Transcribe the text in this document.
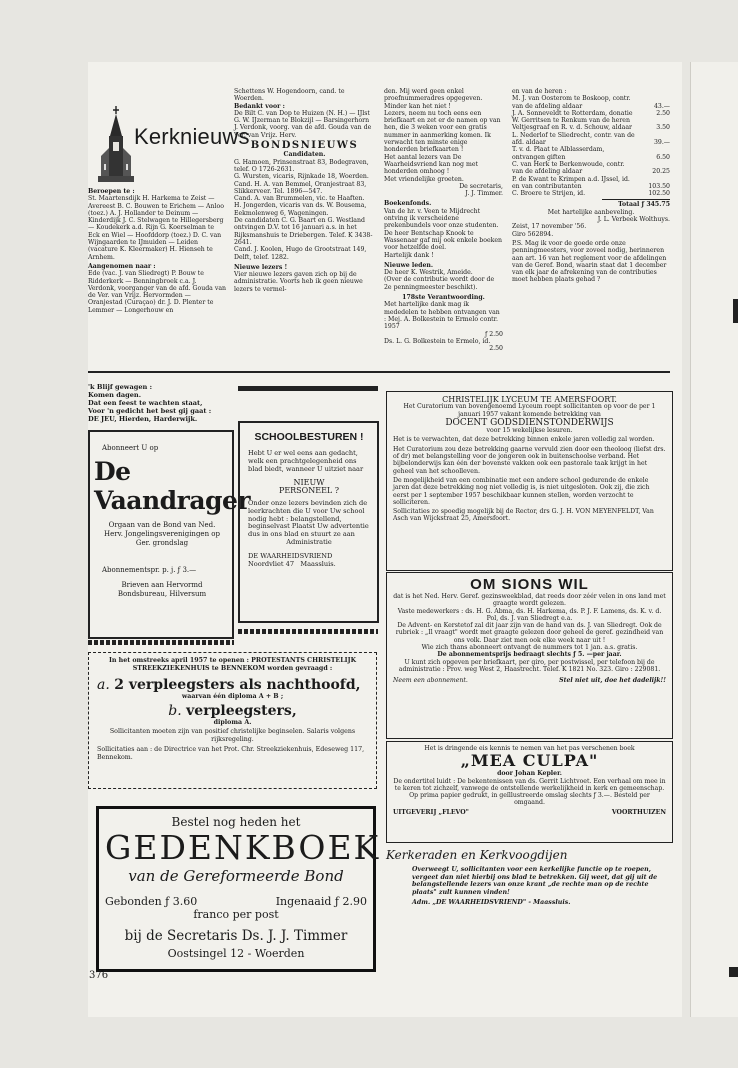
Kerknieuws

Beroepen te :

St. Maartensdijk H. Harkema te Zeist — Avereest B. C. Bouwen te Erichem — Anloo (toez.) A. J. Hollander te Deinum — Kinderdijk J. C. Stelwagen te Hillegersberg — Koudekerk a.d. Rijn G. Koerselman te Eck en Wiel — Hoofddorp (toez.) D. C. van Wijngaarden te IJmuiden — Leiden (vacature K. Kleermaker) H. Hienseh te Arnhem.

Aangenomen naar :

Ede (vac. J. van Sliedregt) P. Bouw te Ridderkerk — Benningbroek c.a. J. Verdonk, voorganger van de afd. Gouda van de Ver. van Vrijz. Hervormden — Oranjestad (Curaçao) dr. J. D. Plenter te Lemmer — Longerhouw en

Schettens W. Hogendoorn, cand. te Woerden.

Bedankt voor :

De Bilt C. van Dop te Huizen (N. H.) — IJlst G. W. IJzerman te Blokzijl — Barsingerhorn J. Verdonk, voorg. van de afd. Gouda van de Ver. van Vrijz. Herv.

BONDSNIEUWS

Candidaten.

G. Hamoen, Prinsenstraat 83, Bodegraven, telef. O 1726-2631.
G. Wursten, vicaris, Rijnkade 18, Woerden.
Cand. H. A. van Bemmel, Oranjestraat 83, Slikkerveer. Tel. 1896—547.
Cand. A. van Brummelen, vic. te Haaften.
H. Jongerden, vicaris van ds. W. Bousema, Eekmolenweg 6, Wageningen.
De candidaten C. G. Baart en G. Westland ontvingen D.V. tot 16 januari a.s. in het Rijksmanshuis te Driebergen. Telef. K 3438-2641.
Cand. J. Koolen, Hugo de Grootstraat 149, Delft, telef. 1282.

Nieuwe lezers !

Vier nieuwe lezers gaven zich op bij de administratie. Voorts heb ik geen nieuwe lezers te vermel-

den. Mij werd geen enkel proefnummeradres opgegeven. Minder kan het niet !
Lezers, neem nu toch eens een briefkaart en zet er de namen op van hen, die 3 weken voor een gratis nummer in aanmerking komen. Ik verwacht ten minste enige honderden briefkaarten !
Het aantal lezers van De Waarheidsvriend kan nog met honderden omhoog !
Met vriendelijke groeten.

De secretaris,

J. J. Timmer.

Boekenfonds.

Van de hr. v. Veen te Mijdrecht ontving ik verscheidene prekenbundels voor onze studenten.
De heer Bentschap Knook te Wassenaar gaf mij ook enkele boeken voor hetzelfde doel.
Hartelijk dank !

Nieuwe leden.

De heer K. Westrik, Ameide.
(Over de contributie wordt door de 2e penningmeester beschikt).

178ste Verantwoording.

Met hartelijke dank mag ik mededelen te hebben ontvangen van : Mej. A. Bolkestein te Ermelo contr. 1957

ƒ 2.50

Ds. L. G. Bolkestein te Ermelo, id.

2.50

en van de heren :
M. J. van Oosterom te Boskoop, contr. van de afdeling aldaar	43.—
J. A. Sonneveldt te Rotterdam, donatie	2.50
W. Gerritsen te Renkum van de heren Veltjesgraaf en R. v. d. Schouw, aldaar	3.50
L. Nederlof te Sliedrecht, contr. van de afd. aldaar	39.—
T. v. d. Plaat te Alblasserdam, ontvangen giften	6.50
C. van Herk te Berkenwoude, contr. van de afdeling aldaar	20.25
P. de Kwant te Krimpen a.d. IJssel, id. en van contributanten	103.50
C. Broere te Strijen, id.	102.50

Totaal ƒ 345.75

Met hartelijke aanbeveling.

J. L. Verbeek Wolthuys.

Zeist, 17 november '56.
Giro 562894.

P.S. Mag ik voor de goede orde onze penningmeesters, voor zoveel nodig, herinneren aan art. 16 van het reglement voor de afdelingen van de Geref. Bond, waarin staat dat 1 december van elk jaar de afrekening van de contributies moet hebben plaats gehad ?

'k Blijf gewagen :

Komen dagen.

Dat een feest te wachten staat,

Voor 'n gedicht het best gij gaat :

DE JEU, Hierden, Harderwijk.

Abonneert U op

De Vaandrager

Orgaan van de Bond van Ned. Herv. Jongelingsverenigingen op Ger. grondslag

Abonnementspr. p. j. ƒ 3.—

Brieven aan Hervormd Bondsbureau, Hilversum

SCHOOLBESTUREN !

Hebt U er wel eens aan gedacht, welk een prachtgelegenheid ons blad biedt, wanneer U uitziet naar

NIEUW

PERSONEEL ?

Onder onze lezers bevinden zich de leerkrachten die U voor Uw school nodig hebt : belangstellend, beginselvast Plaatst Uw advertentie dus in ons blad en stuurt ze aan

Administratie

DE WAARHEIDSVRIEND

Noordvliet 47 Maassluis.

CHRISTELIJK LYCEUM TE AMERSFOORT.

Het Curatorium van bovengenoemd Lyceum roept sollicitanten op voor de per 1 januari 1957 vakant komende betrekking van

DOCENT GODSDIENSTONDERWIJS

voor 15 wekelijkse lesuren.

Het is te verwachten, dat deze betrekking binnen enkele jaren volledig zal worden.

Het Curatorium zou deze betrekking gaarne vervuld zien door een theoloog (liefst drs. of dr) met belangstelling voor de jongeren ook in buitenschoolse verband. Het bijbelonderwijs kan één der bovenste vakken ook een pastorale taak krijgt in het geheel van het schoolleven.

De mogelijkheid van een combinatie met een andere school gedurende de enkele jaren dat deze betrekking nog niet volledig is, is niet uitgesloten. Ook zij, die zich eerst per 1 september 1957 beschikbaar kunnen stellen, worden verzocht te solliciteren.

Sollicitaties zo spoedig mogelijk bij de Rector, drs G. J. H. VON MEYENFELDT, Van Asch van Wijckstraat 25, Amersfoort.

OM SIONS WIL

dat is het Ned. Herv. Geref. gezinsweekblad, dat reeds door zéér velen in ons land met graagte wordt gelezen.

Vaste medewerkers : ds. H. G. Abma, ds. H. Harkema, ds. P. J. F. Lamens, ds. K. v. d. Pol, ds. J. van Sliedregt e.a.

De Advent- en Kerstetof zal dit jaar zijn van de hand van ds. J. van Sliedregt. Ook de rubriek : „Il vraagt" wordt met graagte gelezen door geheel de geref. gezindheid van ons volk. Daar ziet men ook elke week naar uit !

Wie zich thans abonneert ontvangt de nummers tot 1 jan. a.s. gratis.

De abonnementsprijs bedraagt slechts ƒ 5. —per jaar.

U kunt zich opgeven per briefkaart, per giro, per postwissel, per telefoon bij de administratie : Prov. weg West 2, Haastrecht. Telef. K 1821 No. 323. Giro : 229081.

Neem een abonnement.	Stel niet uit, doe het dadelijk!!

In het omstreeks april 1957 te openen : PROTESTANTS CHRISTELIJK STREEKZIEKENHUIS te BENNEKOM worden gevraagd :

a. 2 verpleegsters als nachthoofd,

waarvan één diploma A + B ;

b. verpleegsters,

diploma A.

Sollicitanten moeten zijn van positief christelijke beginselen. Salaris volgens rijksregeling.

Sollicitaties aan : de Directrice van het Prot. Chr. Streekziekenhuis, Edeseweg 117, Bennekom.

Het is dringende eis kennis te nemen van het pas verschenen boek

„MEA CULPA"

door Johan Kepler.

De ondertitel luidt : De bekentenissen van ds. Gerrit Lichtvoet. Een verhaal om mee in te keren tot zichzelf, vanwege de ontstellende werkelijkheid in kerk en gemeenschap.

Op prima papier gedrukt, in geïllustreerde omslag slechts ƒ 3.—. Besteld per omgaand.

UITGEVERIJ „FLEVO"	VOORTHUIZEN
Bestel nog heden het
GEDENKBOEK
van de Gereformeerde Bond
Gebonden ƒ 3.60	Ingenaaid ƒ 2.90
franco per post
bij de Secretaris Ds. J. J. Timmer
Oostsingel 12 - Woerden
Kerkeraden en Kerkvoogdijen

Overweegt U, sollicitanten voor een kerkelijke functie op te roepen, vergeet dan niet hierbij ons blad te betrekken. Gij weet, dat gij uit de belangstellende lezers van onze krant „de rechte man op de rechte plaats" zult kunnen vinden!

Adm. „DE WAARHEIDSVRIEND" - Maassluis.

376
